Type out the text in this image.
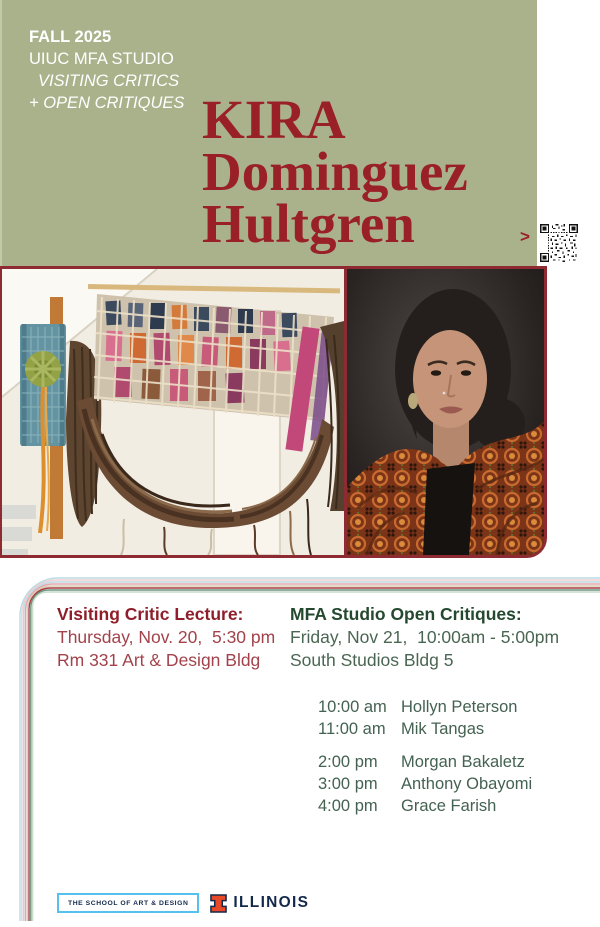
FALL 2025
UIUC MFA STUDIO
VISITING CRITICS
+ OPEN CRITIQUES KIRA
Dominguez
Hultgren	>
Visiting Critic Lecture:
Thursday, Nov. 20,  5:30 pm
Rm 331 Art & Design Bldg
MFA Studio Open Critiques:
Friday, Nov 21,  10:00am - 5:00pm
South Studios Bldg 5
10:00 am Hollyn Peterson
11:00 am Mik Tangas
2:00 pm	Morgan Bakaletz
3:00 pm	Anthony Obayomi
4:00 pm	Grace Farish
THE SCHOOL OF ART & DESIGN	ILLINOIS
